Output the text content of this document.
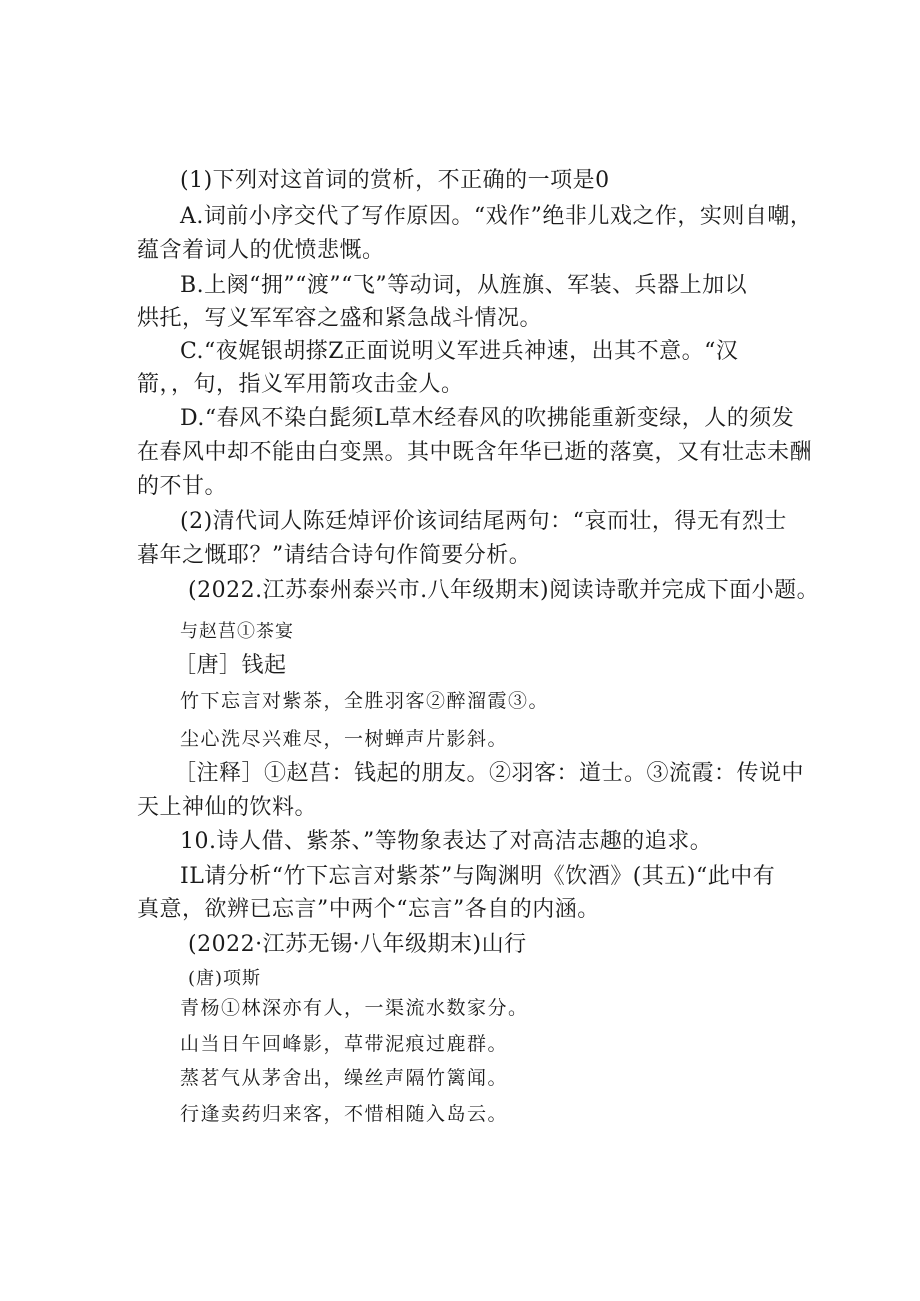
(1)下列对这首词的赏析，不正确的一项是0

A.词前小序交代了写作原因。“戏作”绝非儿戏之作，实则自嘲，

蕴含着词人的优愤悲慨。

B.上阕“拥”“渡”“飞”等动词，从旌旗、军装、兵器上加以

烘托，写义军军容之盛和紧急战斗情况。

C.“夜娓银胡搽Z正面说明义军进兵神速，出其不意。“汉

箭，，句，指义军用箭攻击金人。

D.“春风不染白髭须L草木经春风的吹拂能重新变绿，人的须发

在春风中却不能由白变黑。其中既含年华已逝的落寞，又有壮志未酬

的不甘。

(2)清代词人陈廷焯评价该词结尾两句：“哀而壮，得无有烈士

暮年之慨耶？”请结合诗句作简要分析。

(2022.江苏泰州泰兴市.八年级期末)阅读诗歌并完成下面小题。

与赵莒①茶宴

［唐］钱起

竹下忘言对紫茶，全胜羽客②醉溜霞③。

尘心洗尽兴难尽，一树蝉声片影斜。

［注释］①赵莒：钱起的朋友。②羽客：道士。③流霞：传说中

天上神仙的饮料。

10.诗人借、紫茶、”等物象表达了对高洁志趣的追求。

IL请分析“竹下忘言对紫茶”与陶渊明《饮酒》(其五)“此中有

真意，欲辨已忘言”中两个“忘言”各自的内涵。

(2022·江苏无锡·八年级期末)山行

(唐)项斯

青杨①林深亦有人，一渠流水数家分。

山当日午回峰影，草带泥痕过鹿群。

蒸茗气从茅舍出，缲丝声隔竹篱闻。

行逢卖药归来客，不惜相随入岛云。
